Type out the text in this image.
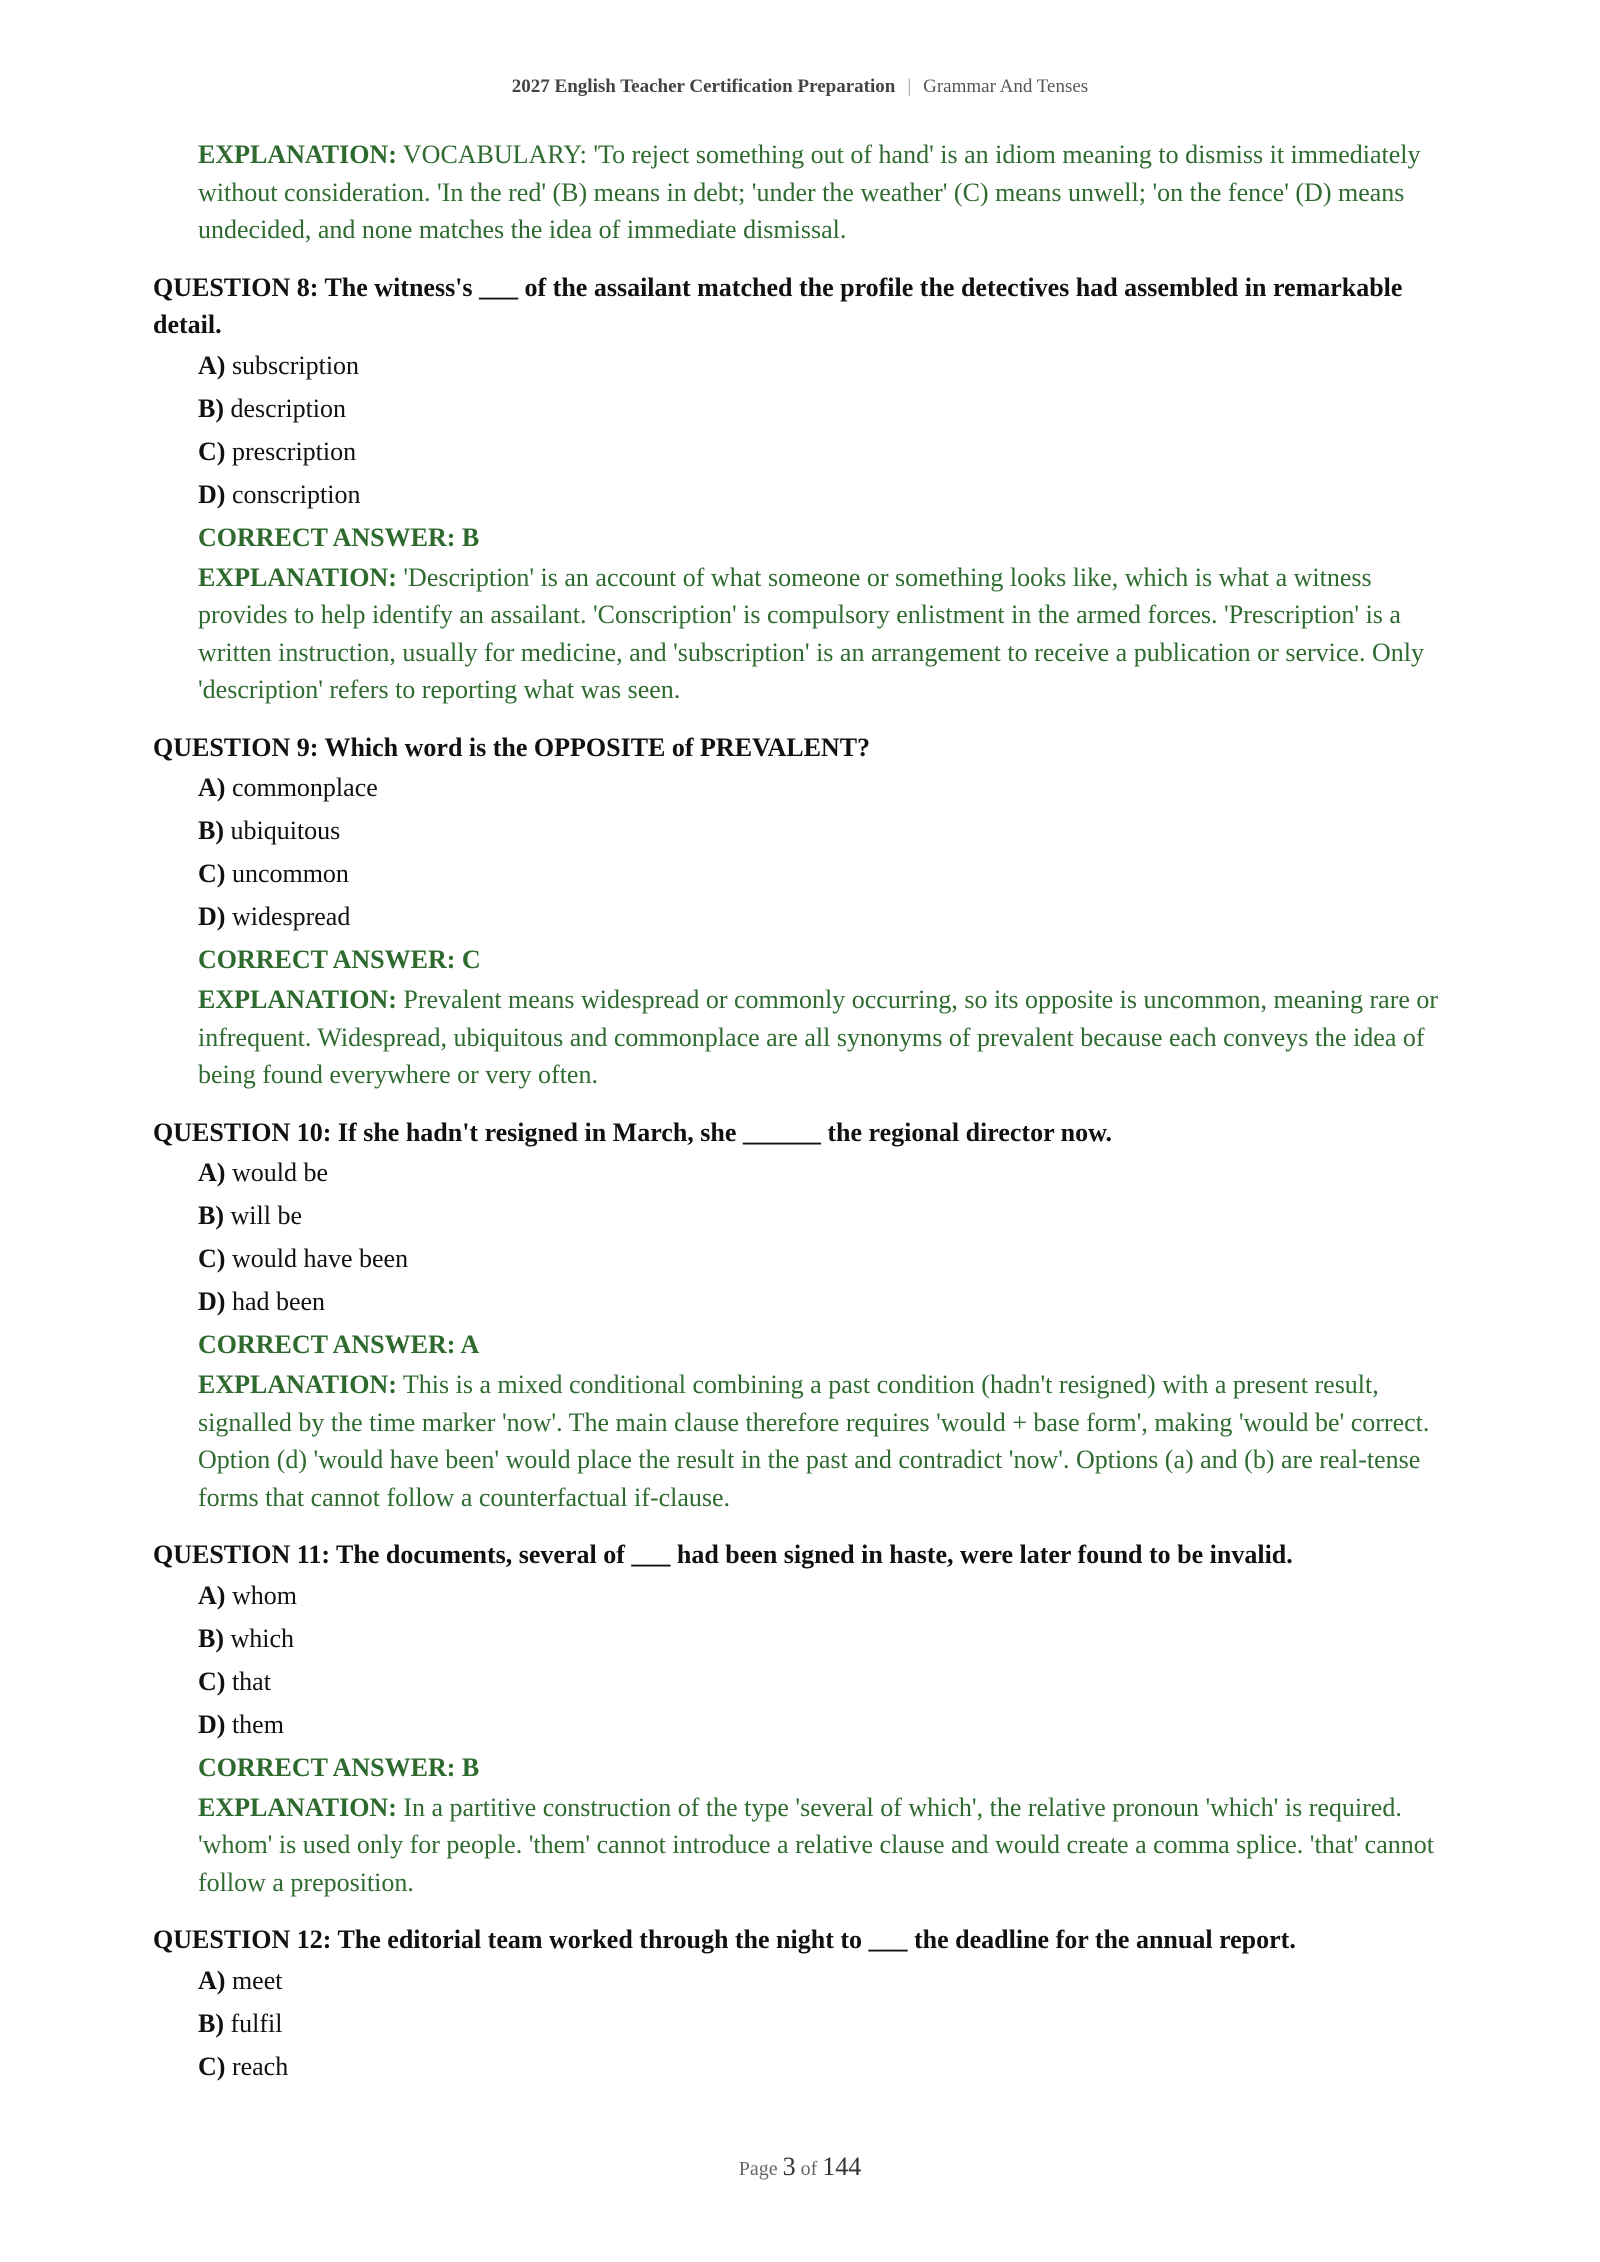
2027 English Teacher Certification Preparation | Grammar And Tenses

EXPLANATION: VOCABULARY: 'To reject something out of hand' is an idiom meaning to dismiss it immediately without consideration. 'In the red' (B) means in debt; 'under the weather' (C) means unwell; 'on the fence' (D) means undecided, and none matches the idea of immediate dismissal.

QUESTION 8: The witness's ___ of the assailant matched the profile the detectives had assembled in remarkable detail.

A) subscription

B) description

C) prescription

D) conscription

CORRECT ANSWER: B

EXPLANATION: 'Description' is an account of what someone or something looks like, which is what a witness provides to help identify an assailant. 'Conscription' is compulsory enlistment in the armed forces. 'Prescription' is a written instruction, usually for medicine, and 'subscription' is an arrangement to receive a publication or service. Only 'description' refers to reporting what was seen.

QUESTION 9: Which word is the OPPOSITE of PREVALENT?

A) commonplace

B) ubiquitous

C) uncommon

D) widespread

CORRECT ANSWER: C

EXPLANATION: Prevalent means widespread or commonly occurring, so its opposite is uncommon, meaning rare or infrequent. Widespread, ubiquitous and commonplace are all synonyms of prevalent because each conveys the idea of being found everywhere or very often.

QUESTION 10: If she hadn't resigned in March, she ______ the regional director now.

A) would be

B) will be

C) would have been

D) had been

CORRECT ANSWER: A

EXPLANATION: This is a mixed conditional combining a past condition (hadn't resigned) with a present result, signalled by the time marker 'now'. The main clause therefore requires 'would + base form', making 'would be' correct. Option (d) 'would have been' would place the result in the past and contradict 'now'. Options (a) and (b) are real-tense forms that cannot follow a counterfactual if-clause.

QUESTION 11: The documents, several of ___ had been signed in haste, were later found to be invalid.

A) whom

B) which

C) that

D) them

CORRECT ANSWER: B

EXPLANATION: In a partitive construction of the type 'several of which', the relative pronoun 'which' is required. 'whom' is used only for people. 'them' cannot introduce a relative clause and would create a comma splice. 'that' cannot follow a preposition.

QUESTION 12: The editorial team worked through the night to ___ the deadline for the annual report.

A) meet

B) fulfil

C) reach

Page 3 of 144
